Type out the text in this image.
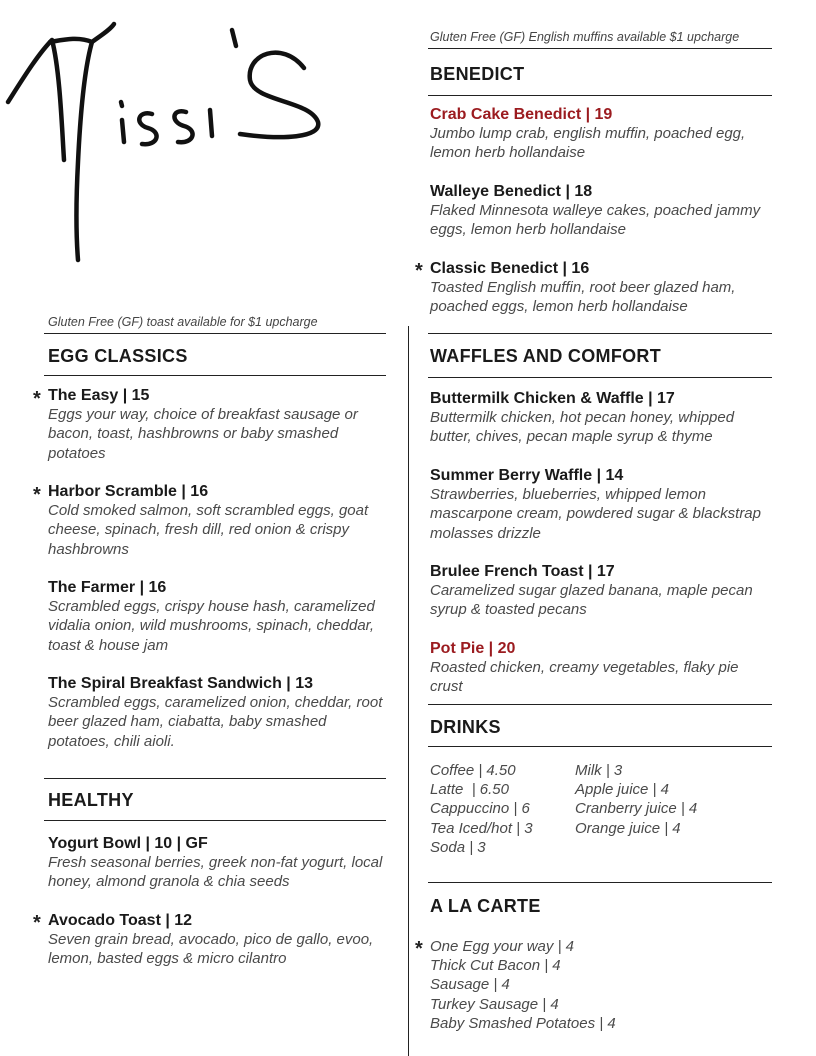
Gluten Free (GF) English muffins available $1 upcharge
BENEDICT
Crab Cake Benedict | 19
Jumbo lump crab, english muffin, poached egg, lemon herb hollandaise
Walleye Benedict | 18
Flaked Minnesota walleye cakes, poached jammy eggs, lemon herb hollandaise
* Classic Benedict | 16
Toasted English muffin, root beer glazed ham, poached eggs, lemon herb hollandaise
Gluten Free (GF) toast available for $1 upcharge
EGG CLASSICS
* The Easy | 15
Eggs your way, choice of breakfast sausage or bacon, toast, hashbrowns or baby smashed potatoes
* Harbor Scramble | 16
Cold smoked salmon, soft scrambled eggs, goat cheese, spinach, fresh dill, red onion & crispy hashbrowns
The Farmer | 16
Scrambled eggs, crispy house hash, caramelized vidalia onion, wild mushrooms, spinach, cheddar, toast & house jam
The Spiral Breakfast Sandwich | 13
Scrambled eggs, caramelized onion, cheddar, root beer glazed ham, ciabatta, baby smashed potatoes, chili aioli.
WAFFLES AND COMFORT
Buttermilk Chicken & Waffle | 17
Buttermilk chicken, hot pecan honey, whipped butter, chives, pecan maple syrup & thyme
Summer Berry Waffle | 14
Strawberries, blueberries, whipped lemon mascarpone cream, powdered sugar & blackstrap molasses drizzle
Brulee French Toast | 17
Caramelized sugar glazed banana, maple pecan syrup & toasted pecans
Pot Pie | 20
Roasted chicken, creamy vegetables, flaky pie crust
DRINKS
Coffee | 4.50
Latte  | 6.50
Cappuccino | 6
Tea Iced/hot | 3
Soda | 3
Milk | 3
Apple juice | 4
Cranberry juice | 4
Orange juice | 4
A LA CARTE
* One Egg your way | 4
Thick Cut Bacon | 4
Sausage | 4
Turkey Sausage | 4
Baby Smashed Potatoes | 4
HEALTHY
Yogurt Bowl | 10 | GF
Fresh seasonal berries, greek non-fat yogurt, local honey, almond granola & chia seeds
* Avocado Toast | 12
Seven grain bread, avocado, pico de gallo, evoo, lemon, basted eggs & micro cilantro
